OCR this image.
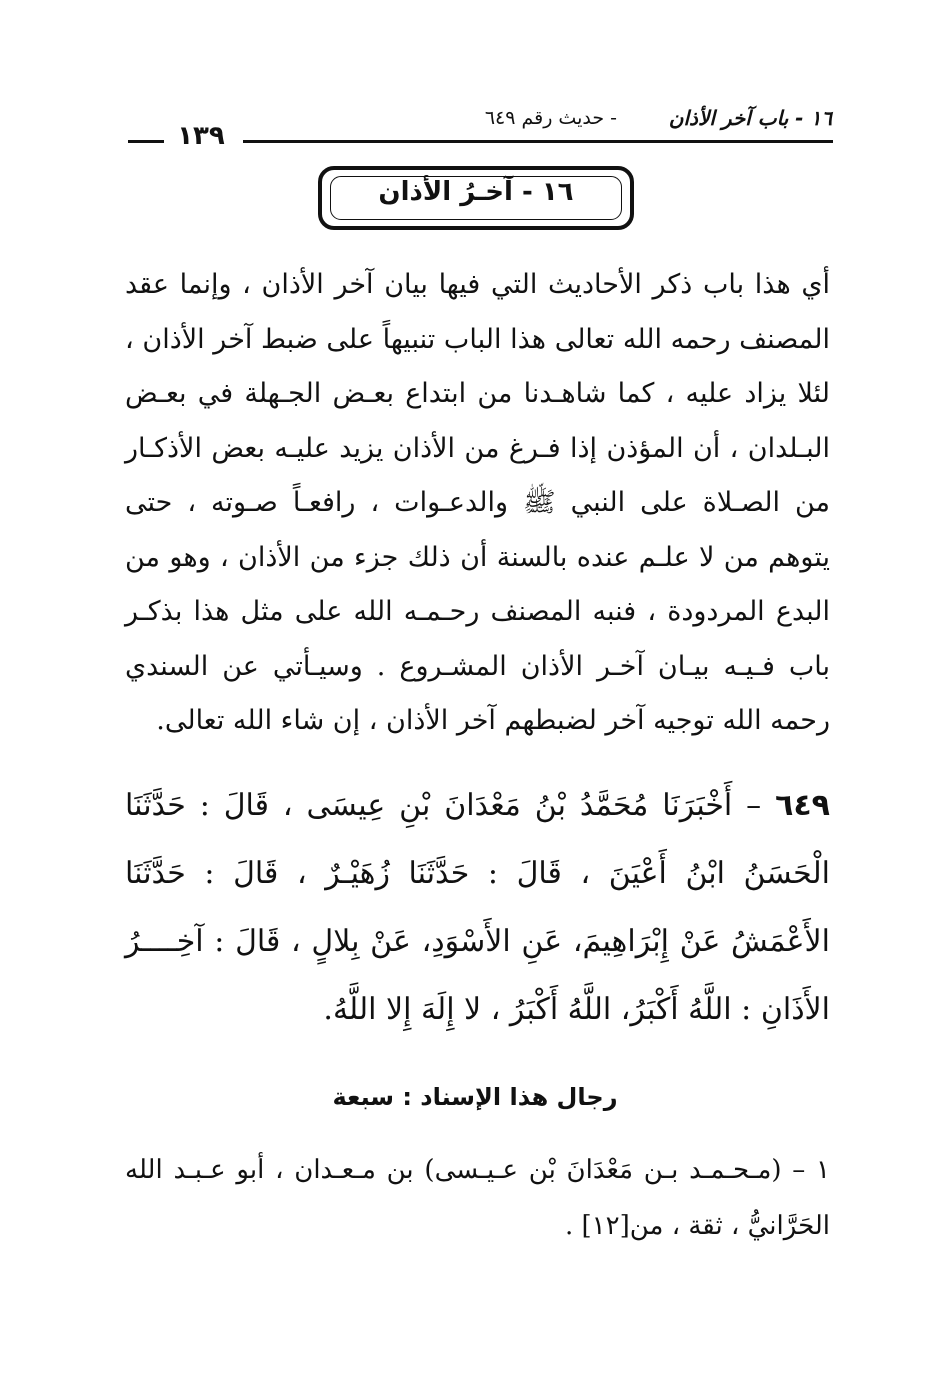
١٦ - باب آخر الأذان
- حديث رقم ٦٤٩
١٣٩
١٦ - آخـرُ الأذان

أي هذا باب ذكر الأحاديث التي فيها بيان آخر الأذان ، وإنما عقد المصنف رحمه الله تعالى هذا الباب تنبيهاً على ضبط آخر الأذان ، لئلا يزاد عليه ، كما شاهـدنا من ابتداع بعـض الجـهلة في بعـض البـلدان ، أن المؤذن إذا فـرغ من الأذان يزيد عليـه بعض الأذكـار من الصـلاة على النبي ﷺ والدعـوات ، رافعـاً صـوته ، حتى يتوهم من لا علـم عنده بالسنة أن ذلك جزء من الأذان ، وهو من البدع المردودة ، فنبه المصنف رحـمـه الله على مثل هذا بذكـر باب فـيـه بيـان آخـر الأذان المشـروع . وسيـأتي عن السندي رحمه الله توجيه آخر لضبطهم آخر الأذان ، إن شاء الله تعالى.

٦٤٩ – أَخْبَرَنَا مُحَمَّدُ بْنُ مَعْدَانَ بْنِ عِيسَى ، قَالَ : حَدَّثَنَا الْحَسَنُ ابْنُ أَعْيَنَ ، قَالَ : حَدَّثَنَا زُهَيْـرٌ ، قَالَ : حَدَّثَنَا الأَعْمَشُ عَنْ إِبْرَاهِيمَ، عَنِ الأَسْوَدِ، عَنْ بِلالٍ ، قَالَ : آخِــــرُ الأَذَانِ : اللَّهُ أَكْبَرُ، اللَّهُ أَكْبَرُ ، لا إِلَهَ إِلا اللَّهُ.
رجال هذا الإسناد : سبعة
١ – (مـحـمـد بـن مَعْدَانَ بْن عـيـسى) بن مـعـدان ، أبو عـبـد الله
الحَرَّانيُّ ، ثقة ، من[١٢] .
